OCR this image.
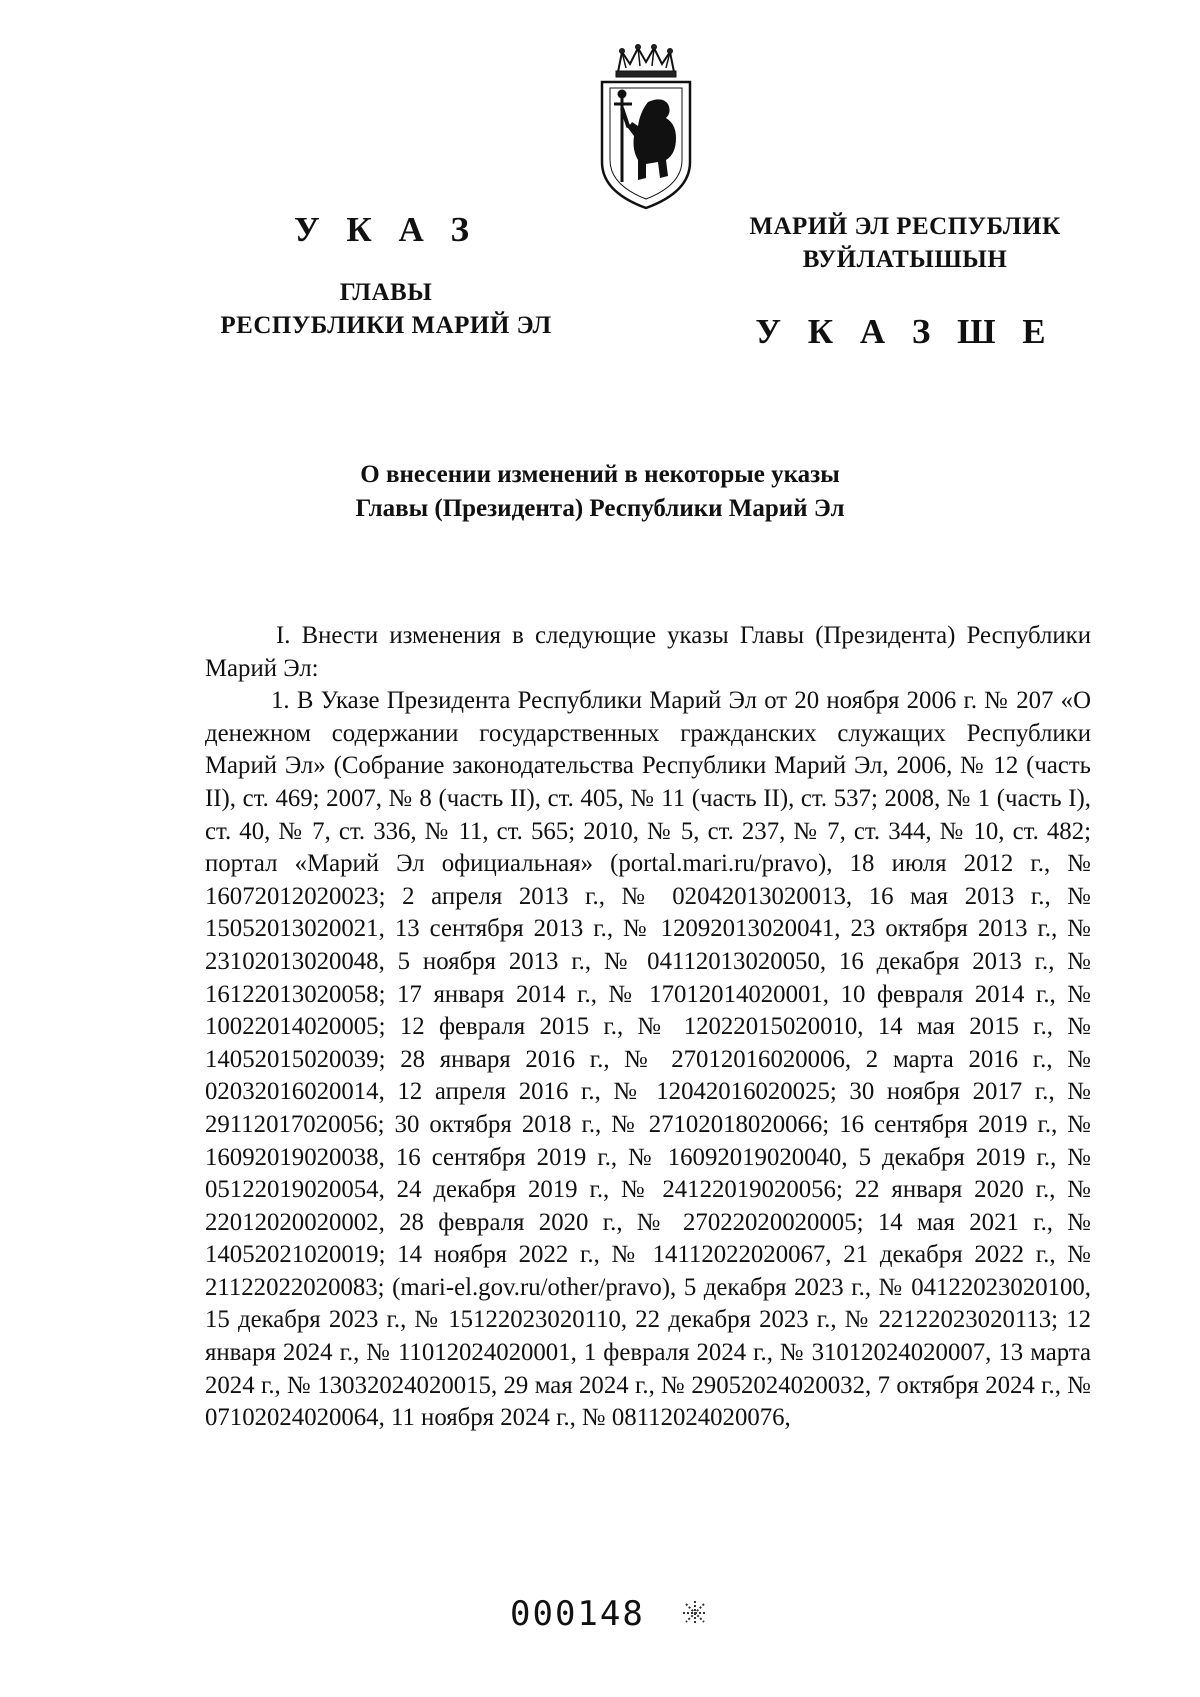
У К А З
ГЛАВЫ
РЕСПУБЛИКИ МАРИЙ ЭЛ
МАРИЙ ЭЛ РЕСПУБЛИК
ВУЙЛАТЫШЫН
У К А З Ш Е
О внесении изменений в некоторые указы
Главы (Президента) Республики Марий Эл

I. Внести изменения в следующие указы Главы (Президента) Республики Марий Эл:

1. В Указе Президента Республики Марий Эл от 20 ноября 2006 г. № 207 «О денежном содержании государственных гражданских служащих Республики Марий Эл» (Собрание законодательства Республики Марий Эл, 2006, № 12 (часть II), ст. 469; 2007, № 8 (часть II), ст. 405, № 11 (часть II), ст. 537; 2008, № 1 (часть I), ст. 40, № 7, ст. 336, № 11, ст. 565; 2010, № 5, ст. 237, № 7, ст. 344, № 10, ст. 482; портал «Марий Эл официальная» (portal.mari.ru/pravo), 18 июля 2012 г., № 16072012020023; 2 апреля 2013 г., № 02042013020013, 16 мая 2013 г., № 15052013020021, 13 сентября 2013 г., № 12092013020041, 23 октября 2013 г., № 23102013020048, 5 ноября 2013 г., № 04112013020050, 16 декабря 2013 г., № 16122013020058; 17 января 2014 г., № 17012014020001, 10 февраля 2014 г., № 10022014020005; 12 февраля 2015 г., № 12022015020010, 14 мая 2015 г., № 14052015020039; 28 января 2016 г., № 27012016020006, 2 марта 2016 г., № 02032016020014, 12 апреля 2016 г., № 12042016020025; 30 ноября 2017 г., № 29112017020056; 30 октября 2018 г., № 27102018020066; 16 сентября 2019 г., № 16092019020038, 16 сентября 2019 г., № 16092019020040, 5 декабря 2019 г., № 05122019020054, 24 декабря 2019 г., № 24122019020056; 22 января 2020 г., № 22012020020002, 28 февраля 2020 г., № 27022020020005; 14 мая 2021 г., № 14052021020019; 14 ноября 2022 г., № 14112022020067, 21 декабря 2022 г., № 21122022020083; (mari-el.gov.ru/other/pravo), 5 декабря 2023 г., № 04122023020100, 15 декабря 2023 г., № 15122023020110, 22 декабря 2023 г., № 22122023020113; 12 января 2024 г., № 11012024020001, 1 февраля 2024 г., № 31012024020007, 13 марта 2024 г., № 13032024020015, 29 мая 2024 г., № 29052024020032, 7 октября 2024 г., № 07102024020064, 11 ноября 2024 г., № 08112024020076,

000148
